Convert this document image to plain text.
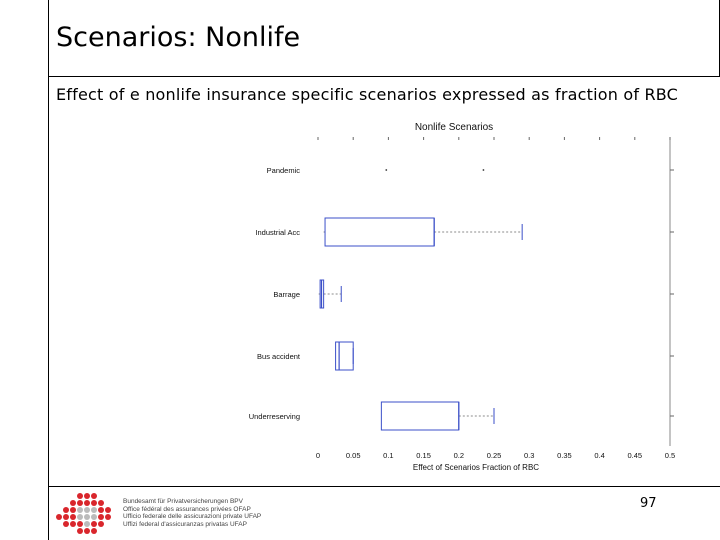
Scenarios: Nonlife
Effect of e nonlife insurance specific scenarios expressed as fraction of RBC
Nonlife Scenarios
0	0.05	0.1	0.15	0.2	0.25	0.3	0.35	0.4	0.45	0.5
Effect of Scenarios Fraction of RBC
Pandemic
Industrial Acc
Barrage
Bus accident
Underreserving
97
Bundesamt für Privatversicherungen BPV
Office fédéral des assurances privées OFAP
Ufficio federale delle assicurazioni private UFAP
Uffizi federal d'assicuranzas privatas UFAP
